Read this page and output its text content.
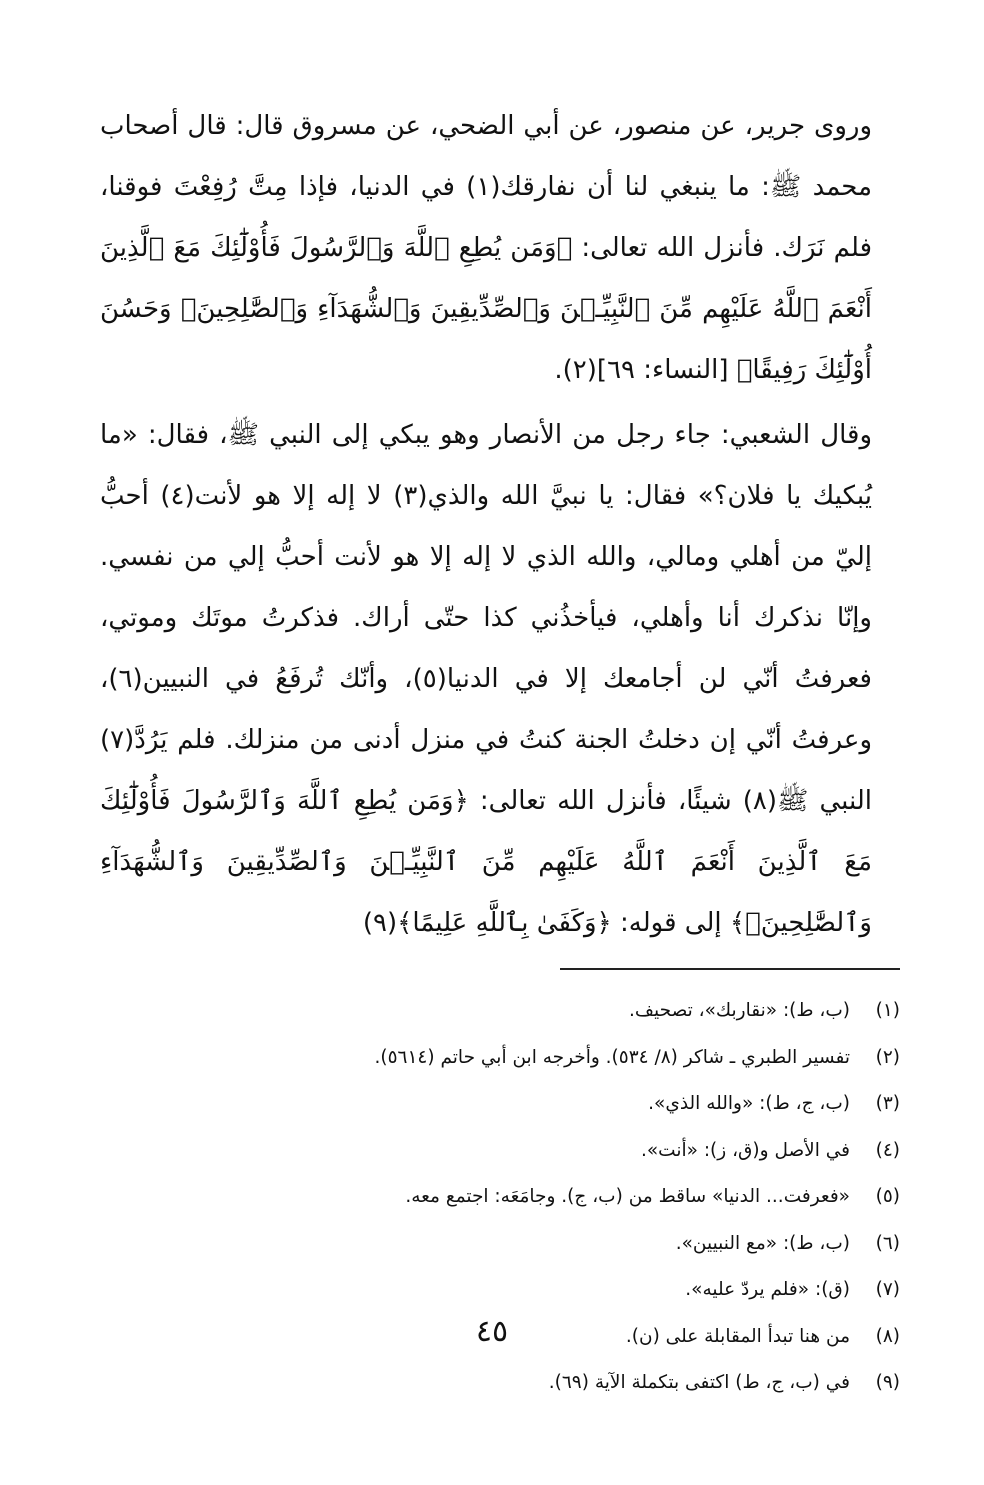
وروى جرير، عن منصور، عن أبي الضحي، عن مسروق قال: قال أصحاب محمد ﷺ: ما ينبغي لنا أن نفارقك(١) في الدنيا، فإذا مِتَّ رُفِعْتَ فوقنا، فلم نَرَك. فأنزل الله تعالى: ﴿وَمَن يُطِعِ ٱللَّهَ وَٱلرَّسُولَ فَأُوْلَٰٓئِكَ مَعَ ٱلَّذِينَ أَنْعَمَ ٱللَّهُ عَلَيْهِم مِّنَ ٱلنَّبِيِّـۧنَ وَٱلصِّدِّيقِينَ وَٱلشُّهَدَآءِ وَٱلصَّٰلِحِينَۚ وَحَسُنَ أُوْلَٰٓئِكَ رَفِيقًا﴾ [النساء: ٦٩](٢).

وقال الشعبي: جاء رجل من الأنصار وهو يبكي إلى النبي ﷺ، فقال: «ما يُبكيك يا فلان؟» فقال: يا نبيَّ الله والذي(٣) لا إله إلا هو لأنت(٤) أحبُّ إليّ من أهلي ومالي، والله الذي لا إله إلا هو لأنت أحبُّ إلي من نفسي. وإنّا نذكرك أنا وأهلي، فيأخذُني كذا حتّى أراك. فذكرتُ موتَك وموتي، فعرفتُ أنّي لن أجامعك إلا في الدنيا(٥)، وأنّك تُرفَعُ في النبيين(٦)، وعرفتُ أنّي إن دخلتُ الجنة كنتُ في منزل أدنى من منزلك. فلم يَرُدَّ(٧) النبي ﷺ(٨) شيئًا، فأنزل الله تعالى: ﴿وَمَن يُطِعِ ٱللَّهَ وَٱلرَّسُولَ فَأُوْلَٰٓئِكَ مَعَ ٱلَّذِينَ أَنْعَمَ ٱللَّهُ عَلَيْهِم مِّنَ ٱلنَّبِيِّـۧنَ وَٱلصِّدِّيقِينَ وَٱلشُّهَدَآءِ وَٱلصَّٰلِحِينَۚ﴾ إلى قوله: ﴿وَكَفَىٰ بِٱللَّهِ عَلِيمًا﴾(٩)

(١)
(ب، ط): «نقاربك»، تصحيف.
(٢)
تفسير الطبري ـ شاكر (٨/ ٥٣٤). وأخرجه ابن أبي حاتم (٥٦١٤).
(٣)
(ب، ج، ط): «والله الذي».
(٤)
في الأصل و(ق، ز): «أنت».
(٥)
«فعرفت... الدنيا» ساقط من (ب، ج). وجامَعَه: اجتمع معه.
(٦)
(ب، ط): «مع النبيين».
(٧)
(ق): «فلم يردّ عليه».
(٨)
من هنا تبدأ المقابلة على (ن).
(٩)
في (ب، ج، ط) اكتفى بتكملة الآية (٦٩).
٤٥
